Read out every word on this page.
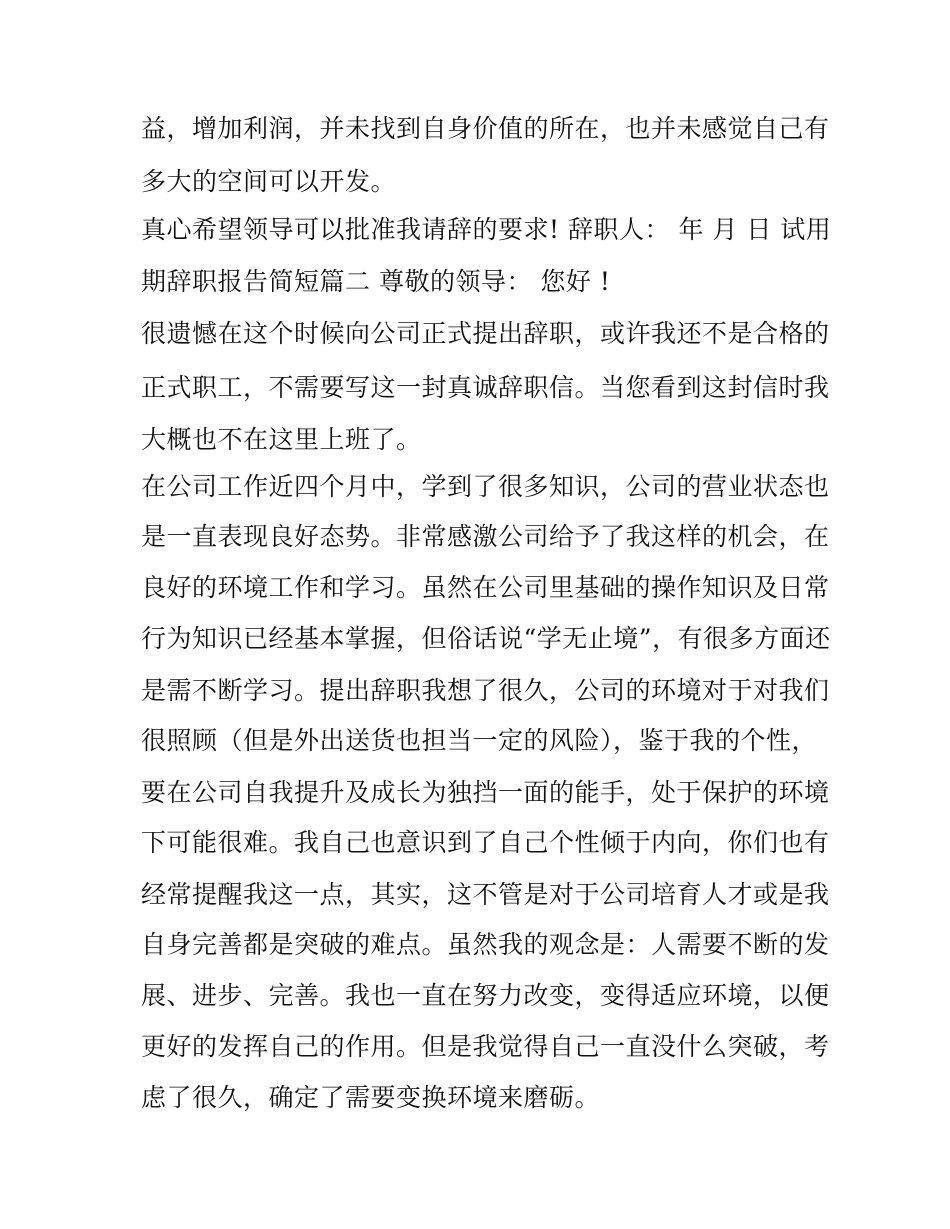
益，增加利润，并未找到自身价值的所在，也并未感觉自己有
多大的空间可以开发。
真心希望领导可以批准我请辞的要求! 辞职人： 年 月 日 试用
期辞职报告简短篇二 尊敬的领导： 您好 !
很遗憾在这个时候向公司正式提出辞职，或许我还不是合格的
正式职工，不需要写这一封真诚辞职信。当您看到这封信时我
大概也不在这里上班了。
在公司工作近四个月中，学到了很多知识，公司的营业状态也
是一直表现良好态势。非常感激公司给予了我这样的机会，在
良好的环境工作和学习。虽然在公司里基础的操作知识及日常
行为知识已经基本掌握，但俗话说“学无止境”，有很多方面还
是需不断学习。提出辞职我想了很久，公司的环境对于对我们
很照顾（但是外出送货也担当一定的风险），鉴于我的个性，
要在公司自我提升及成长为独挡一面的能手，处于保护的环境
下可能很难。我自己也意识到了自己个性倾于内向，你们也有
经常提醒我这一点，其实，这不管是对于公司培育人才或是我
自身完善都是突破的难点。虽然我的观念是：人需要不断的发
展、进步、完善。我也一直在努力改变，变得适应环境，以便
更好的发挥自己的作用。但是我觉得自己一直没什么突破，考
虑了很久，确定了需要变换环境来磨砺。
